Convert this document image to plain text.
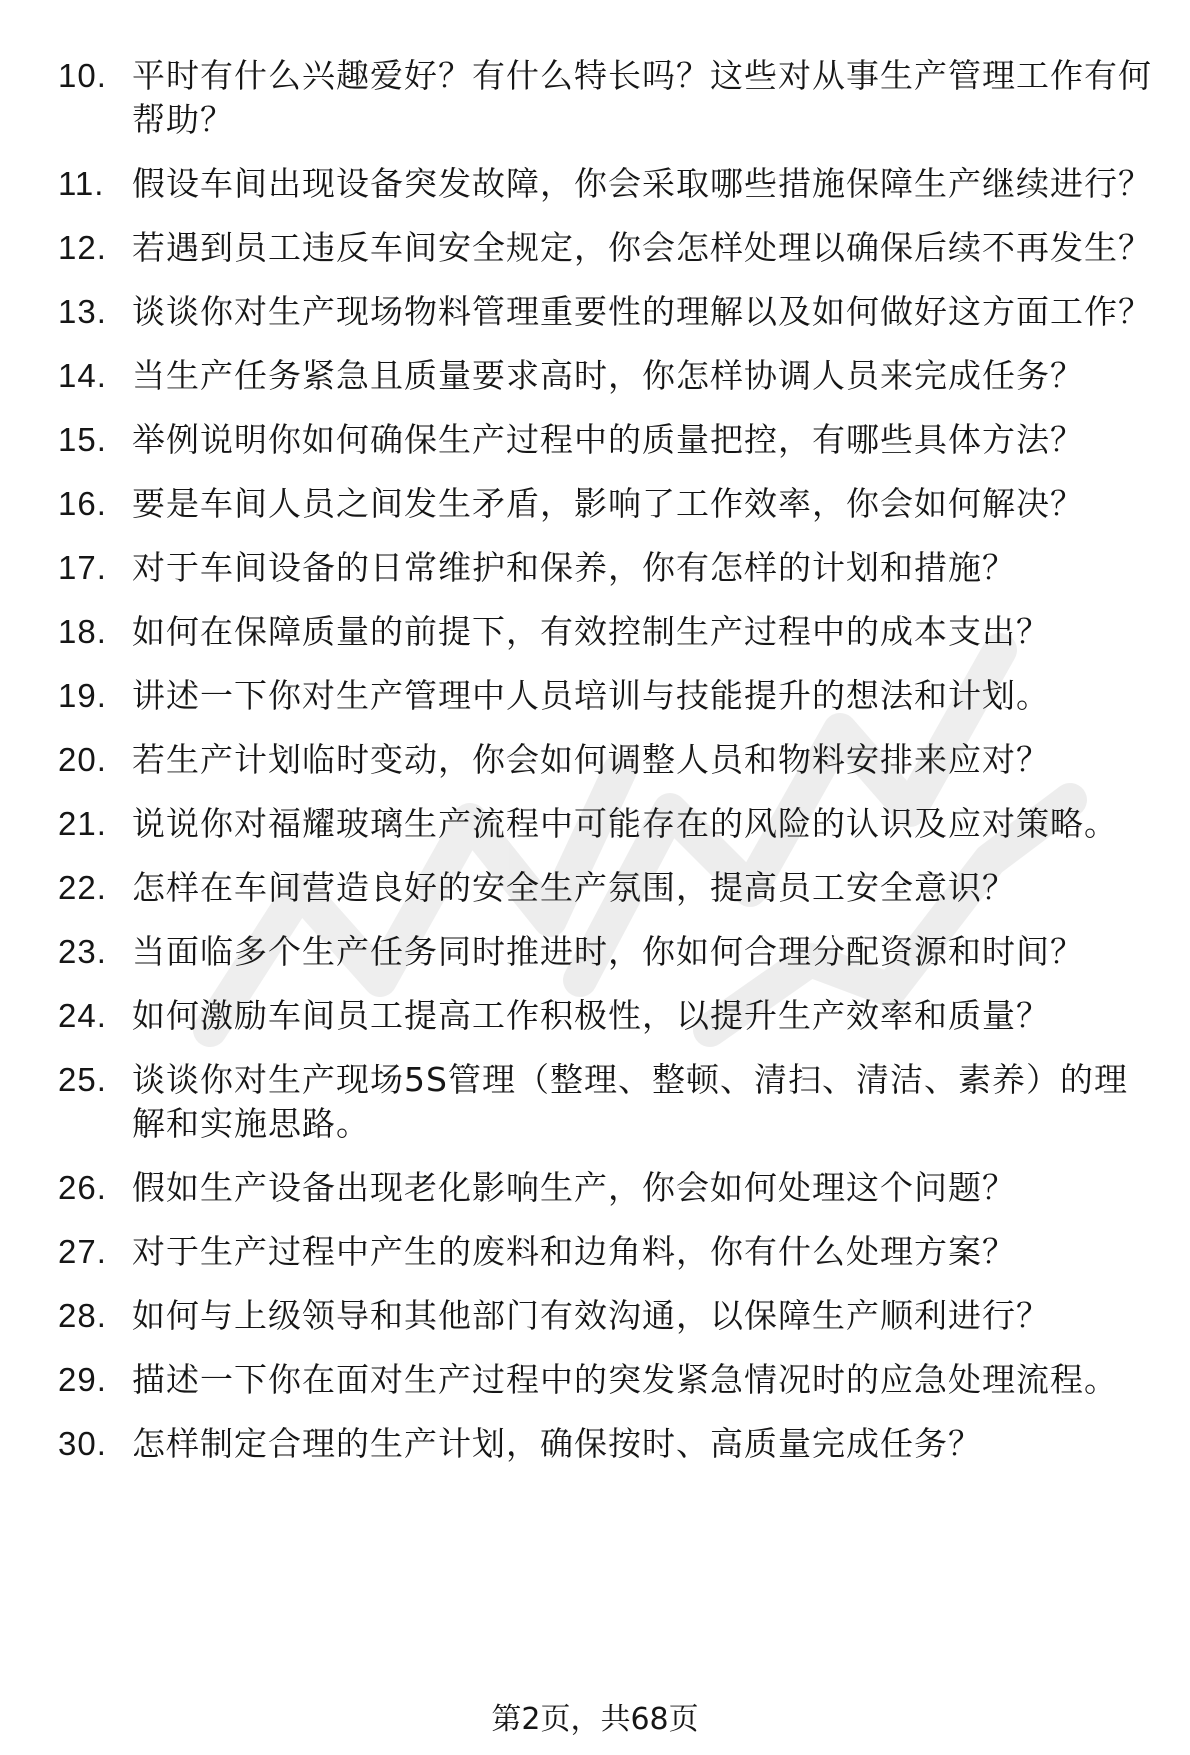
10. 平时有什么兴趣爱好？有什么特长吗？这些对从事生产管理工作有何帮助？
11. 假设车间出现设备突发故障，你会采取哪些措施保障生产继续进行？
12. 若遇到员工违反车间安全规定，你会怎样处理以确保后续不再发生？
13. 谈谈你对生产现场物料管理重要性的理解以及如何做好这方面工作？
14. 当生产任务紧急且质量要求高时，你怎样协调人员来完成任务？
15. 举例说明你如何确保生产过程中的质量把控，有哪些具体方法？
16. 要是车间人员之间发生矛盾，影响了工作效率，你会如何解决？
17. 对于车间设备的日常维护和保养，你有怎样的计划和措施？
18. 如何在保障质量的前提下，有效控制生产过程中的成本支出？
19. 讲述一下你对生产管理中人员培训与技能提升的想法和计划。
20. 若生产计划临时变动，你会如何调整人员和物料安排来应对？
21. 说说你对福耀玻璃生产流程中可能存在的风险的认识及应对策略。
22. 怎样在车间营造良好的安全生产氛围，提高员工安全意识？
23. 当面临多个生产任务同时推进时，你如何合理分配资源和时间？
24. 如何激励车间员工提高工作积极性，以提升生产效率和质量？
25. 谈谈你对生产现场5S管理（整理、整顿、清扫、清洁、素养）的理解和实施思路。
26. 假如生产设备出现老化影响生产，你会如何处理这个问题？
27. 对于生产过程中产生的废料和边角料，你有什么处理方案？
28. 如何与上级领导和其他部门有效沟通，以保障生产顺利进行？
29. 描述一下你在面对生产过程中的突发紧急情况时的应急处理流程。
30. 怎样制定合理的生产计划，确保按时、高质量完成任务？
第2页，共68页
